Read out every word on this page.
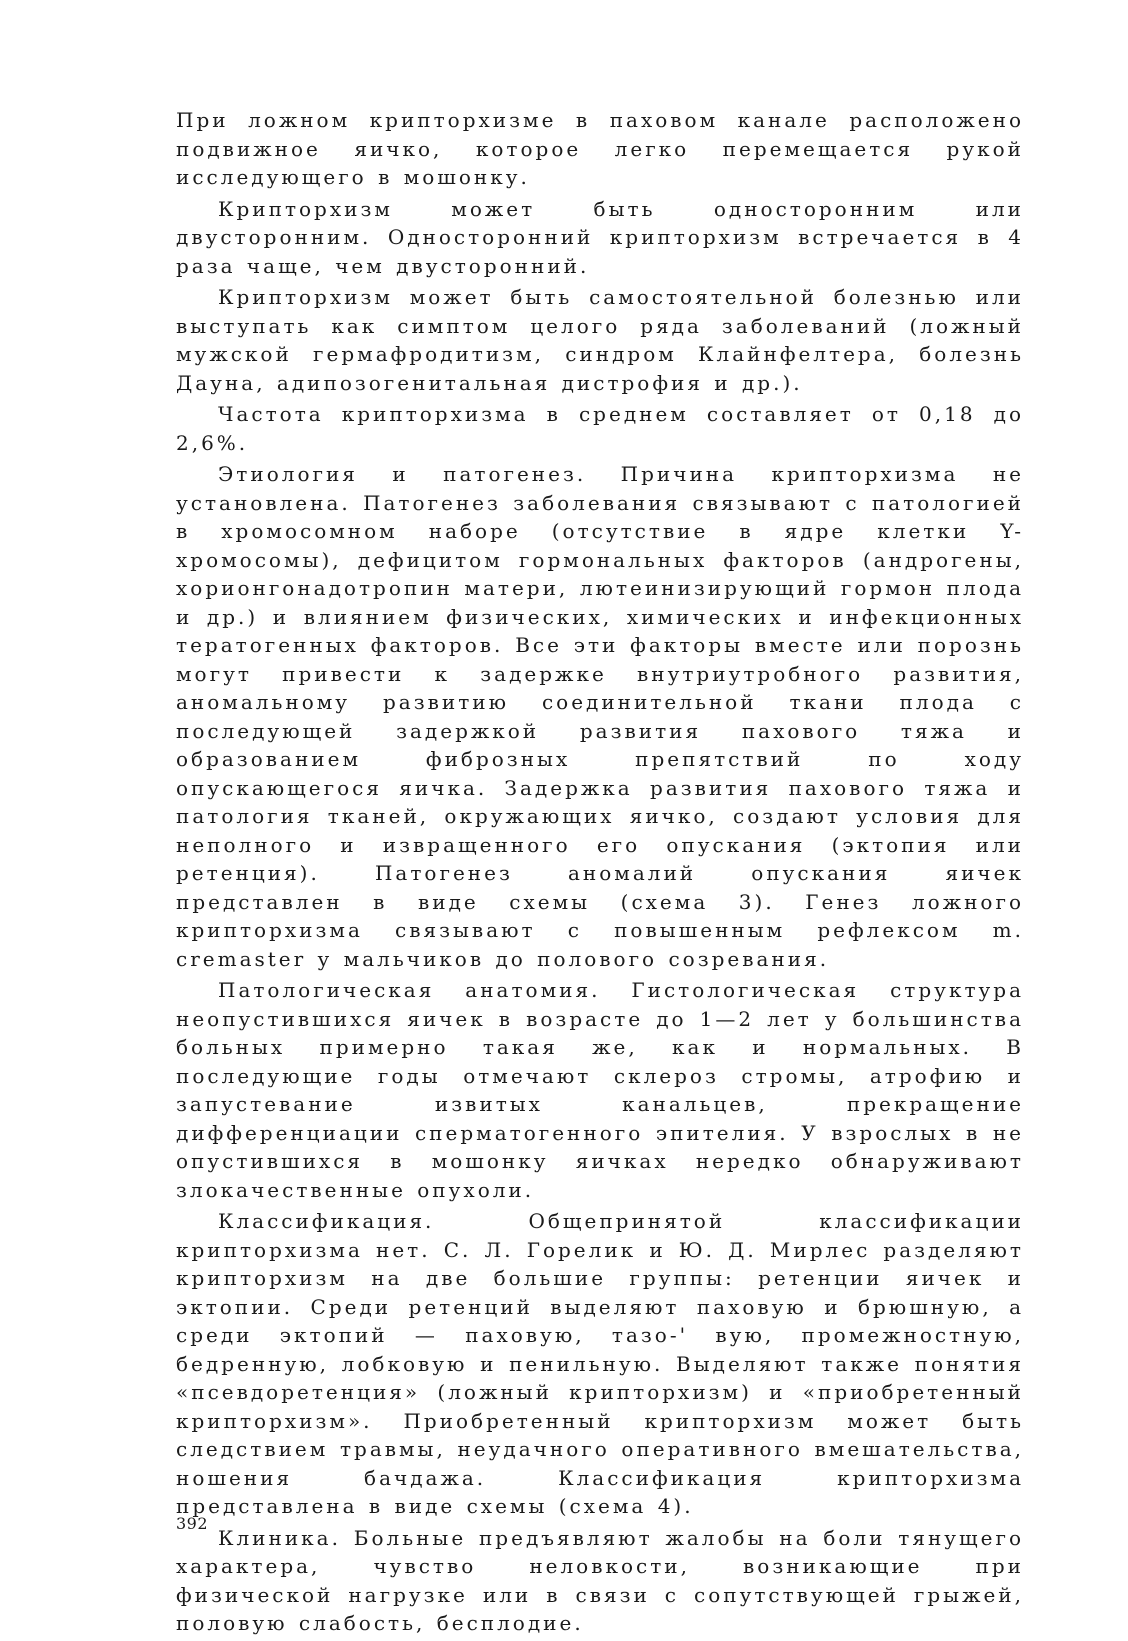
При ложном крипторхизме в паховом канале расположено подвижное яичко, которое легко перемещается рукой исследующего в мошонку.

Крипторхизм может быть односторонним или двусторонним. Односторонний крипторхизм встречается в 4 раза чаще, чем двусторонний.

Крипторхизм может быть самостоятельной болезнью или выступать как симптом целого ряда заболеваний (ложный мужской гермафродитизм, синдром Клайнфелтера, болезнь Дауна, адипозогенитальная дистрофия и др.).

Частота крипторхизма в среднем составляет от 0,18 до 2,6%.

Этиология и патогенез. Причина крипторхизма не установлена. Патогенез заболевания связывают с патологией в хромосомном наборе (отсутствие в ядре клетки Y-хромосомы), дефицитом гормональных факторов (андрогены, хорионгонадотропин матери, лютеинизирующий гормон плода и др.) и влиянием физических, химических и инфекционных тератогенных факторов. Все эти факторы вместе или порознь могут привести к задержке внутриутробного развития, аномальному развитию соединительной ткани плода с последующей задержкой развития пахового тяжа и образованием фиброзных препятствий по ходу опускающегося яичка. Задержка развития пахового тяжа и патология тканей, окружающих яичко, создают условия для неполного и извращенного его опускания (эктопия или ретенция). Патогенез аномалий опускания яичек представлен в виде схемы (схема 3). Генез ложного крипторхизма связывают с повышенным рефлексом m. cremaster у мальчиков до полового созревания.

Патологическая анатомия. Гистологическая структура неопустившихся яичек в возрасте до 1—2 лет у большинства больных примерно такая же, как и нормальных. В последующие годы отмечают склероз стромы, атрофию и запустевание извитых канальцев, прекращение дифференциации сперматогенного эпителия. У взрослых в не опустившихся в мошонку яичках нередко обнаруживают злокачественные опухоли.

Классификация. Общепринятой классификации крипторхизма нет. С. Л. Горелик и Ю. Д. Мирлес разделяют крипторхизм на две большие группы: ретенции яичек и эктопии. Среди ретенций выделяют паховую и брюшную, а среди эктопий — паховую, тазо-' вую, промежностную, бедренную, лобковую и пенильную. Выделяют также понятия «псевдоретенция» (ложный крипторхизм) и «приобретенный крипторхизм». Приобретенный крипторхизм может быть следствием травмы, неудачного оперативного вмешательства, ношения бачдажа. Классификация крипторхизма представлена в виде схемы (схема 4).

Клиника. Больные предъявляют жалобы на боли тянущего характера, чувство неловкости, возникающие при физической нагрузке или в связи с сопутствующей грыжей, половую слабость, бесплодие.

392
